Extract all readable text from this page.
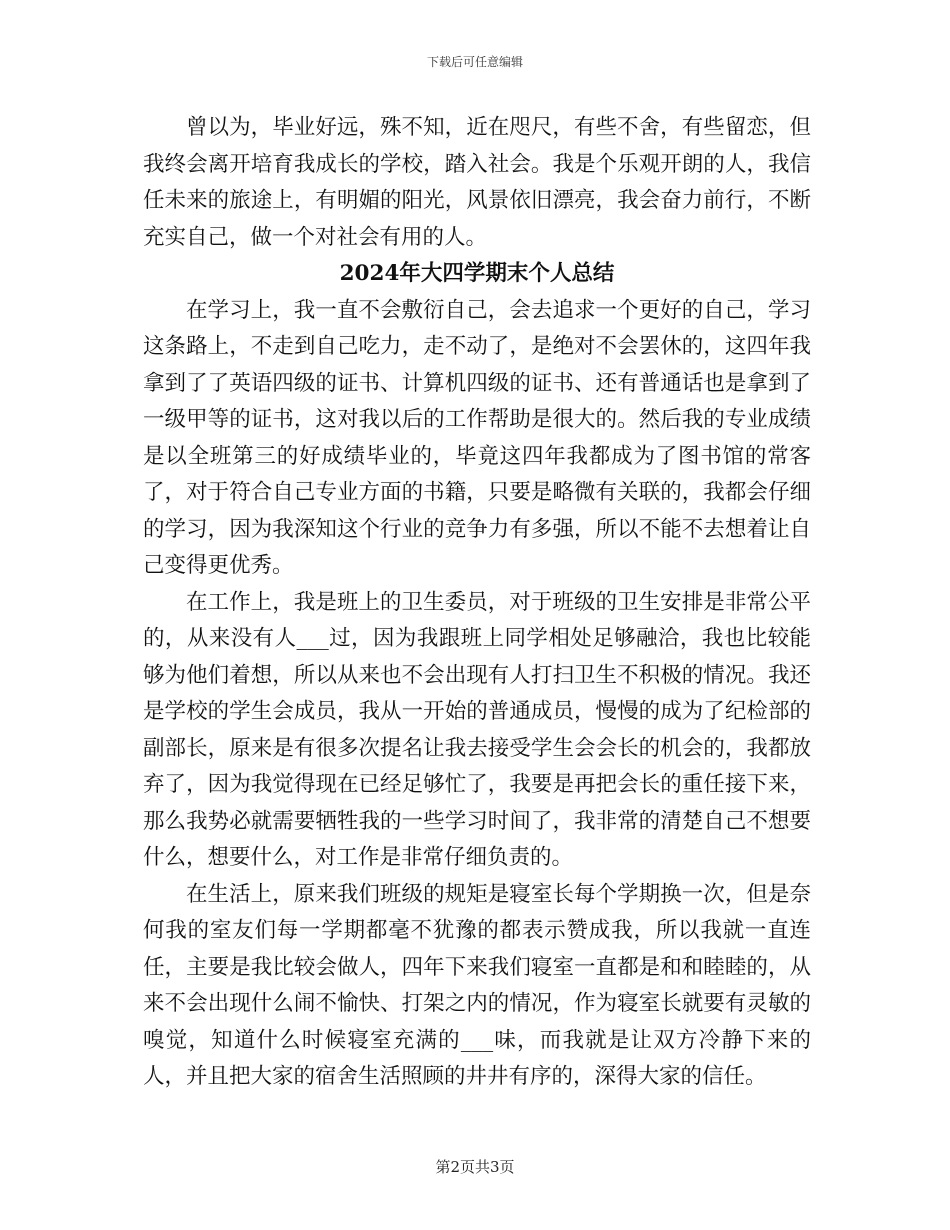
下载后可任意编辑

曾以为，毕业好远，殊不知，近在咫尺，有些不舍，有些留恋，但我终会离开培育我成长的学校，踏入社会。我是个乐观开朗的人，我信任未来的旅途上，有明媚的阳光，风景依旧漂亮，我会奋力前行，不断充实自己，做一个对社会有用的人。

2024年大四学期末个人总结

在学习上，我一直不会敷衍自己，会去追求一个更好的自己，学习这条路上，不走到自己吃力，走不动了，是绝对不会罢休的，这四年我拿到了了英语四级的证书、计算机四级的证书、还有普通话也是拿到了一级甲等的证书，这对我以后的工作帮助是很大的。然后我的专业成绩是以全班第三的好成绩毕业的，毕竟这四年我都成为了图书馆的常客了，对于符合自己专业方面的书籍，只要是略微有关联的，我都会仔细的学习，因为我深知这个行业的竞争力有多强，所以不能不去想着让自己变得更优秀。

在工作上，我是班上的卫生委员，对于班级的卫生安排是非常公平的，从来没有人___过，因为我跟班上同学相处足够融洽，我也比较能够为他们着想，所以从来也不会出现有人打扫卫生不积极的情况。我还是学校的学生会成员，我从一开始的普通成员，慢慢的成为了纪检部的副部长，原来是有很多次提名让我去接受学生会会长的机会的，我都放弃了，因为我觉得现在已经足够忙了，我要是再把会长的重任接下来，那么我势必就需要牺牲我的一些学习时间了，我非常的清楚自己不想要什么，想要什么，对工作是非常仔细负责的。

在生活上，原来我们班级的规矩是寝室长每个学期换一次，但是奈何我的室友们每一学期都毫不犹豫的都表示赞成我，所以我就一直连任，主要是我比较会做人，四年下来我们寝室一直都是和和睦睦的，从来不会出现什么闹不愉快、打架之内的情况，作为寝室长就要有灵敏的嗅觉，知道什么时候寝室充满的___味，而我就是让双方冷静下来的人，并且把大家的宿舍生活照顾的井井有序的，深得大家的信任。

第2页共3页
